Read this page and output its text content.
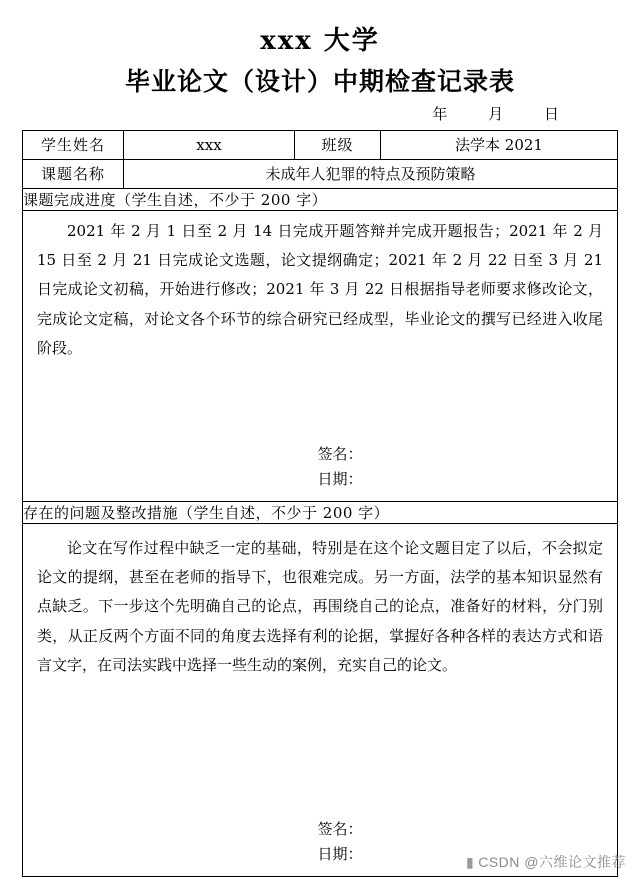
xxx 大学
毕业论文（设计）中期检查记录表
年	月	日
学生姓名	xxx	班级	法学本 2021
课题名称	未成年人犯罪的特点及预防策略		
课题完成进度（学生自述，不少于 200 字）			

2021 年 2 月 1 日至 2 月 14 日完成开题答辩并完成开题报告；2021 年 2 月 15 日至 2 月 21 日完成论文选题，论文提纲确定；2021 年 2 月 22 日至 3 月 21 日完成论文初稿，开始进行修改；2021 年 3 月 22 日根据指导老师要求修改论文，完成论文定稿，对论文各个环节的综合研究已经成型，毕业论文的撰写已经进入收尾阶段。

签名：
日期：			

存在的问题及整改措施（学生自述，不少于 200 字）			

论文在写作过程中缺乏一定的基础，特别是在这个论文题目定了以后，不会拟定论文的提纲，甚至在老师的指导下，也很难完成。另一方面，法学的基本知识显然有点缺乏。下一步这个先明确自己的论点，再围绕自己的论点，准备好的材料，分门别类，从正反两个方面不同的角度去选择有利的论据，掌握好各种各样的表达方式和语言文字，在司法实践中选择一些生动的案例，充实自己的论文。

签名：
日期：				▮ CSDN @六维论文推荐
